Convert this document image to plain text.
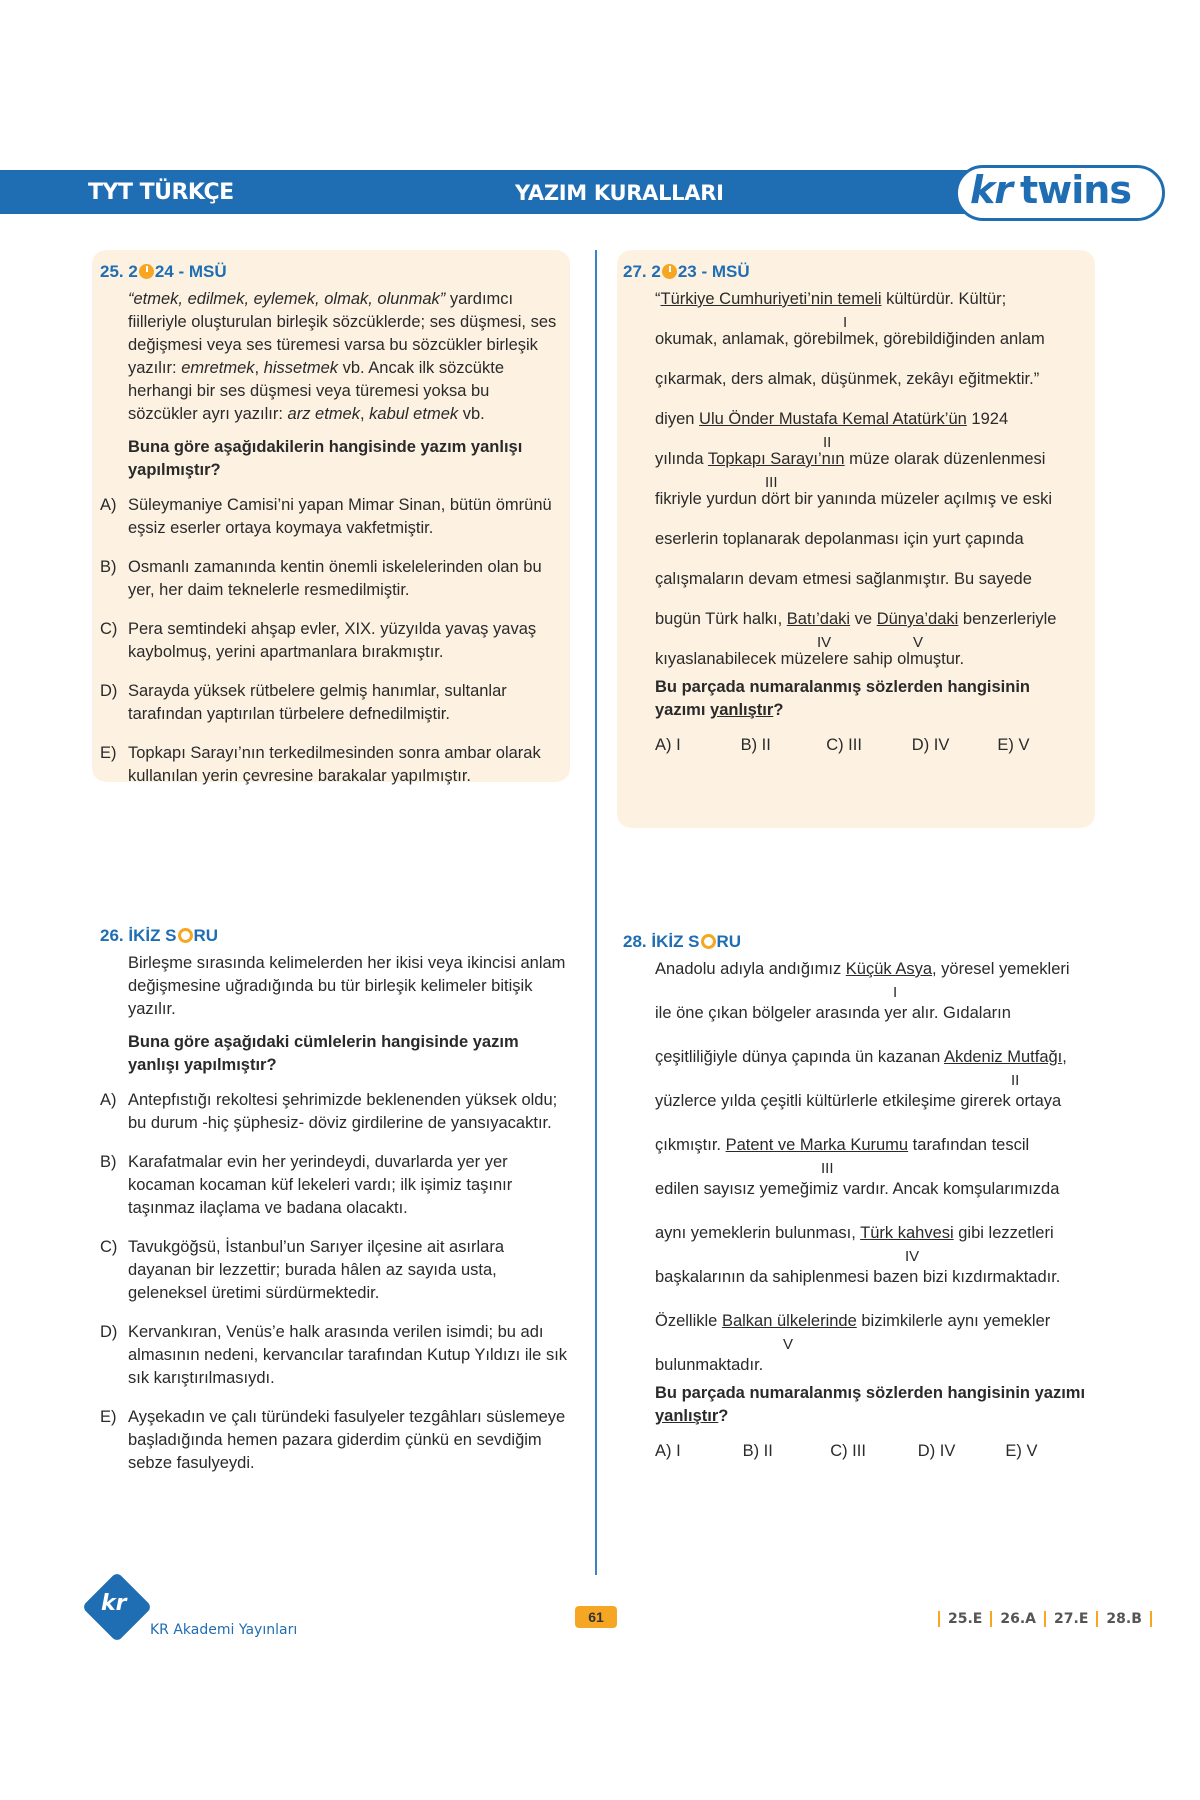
TYT TÜRKÇE	YAZIM KURALLARI	kr twins
25. 2 24 - MSÜ
“etmek, edilmek, eylemek, olmak, olunmak” yardımcı fiilleriyle oluşturulan birleşik sözcüklerde; ses düşmesi, ses değişmesi veya ses türemesi varsa bu sözcükler birleşik yazılır: emretmek, hissetmek vb. Ancak ilk sözcükte herhangi bir ses düşmesi veya türemesi yoksa bu sözcükler ayrı yazılır: arz etmek, kabul etmek vb.
Buna göre aşağıdakilerin hangisinde yazım yanlışı yapılmıştır?
A) Süleymaniye Camisi’ni yapan Mimar Sinan, bütün ömrünü eşsiz eserler ortaya koymaya vakfetmiştir.
B) Osmanlı zamanında kentin önemli iskelelerinden olan bu yer, her daim teknelerle resmedilmiştir.
C) Pera semtindeki ahşap evler, XIX. yüzyılda yavaş yavaş kaybolmuş, yerini apartmanlara bırakmıştır.
D) Sarayda yüksek rütbelere gelmiş hanımlar, sultanlar tarafından yaptırılan türbelere defnedilmiştir.
E) Topkapı Sarayı’nın terkedilmesinden sonra ambar olarak kullanılan yerin çevresine barakalar yapılmıştır.
27. 2 23 - MSÜ
“Türkiye Cumhuriyeti’nin temeli kültürdür. Kültür;
I
okumak, anlamak, görebilmek, görebildiğinden anlam
çıkarmak, ders almak, düşünmek, zekâyı eğitmektir.”
diyen Ulu Önder Mustafa Kemal Atatürk’ün 1924
II
yılında Topkapı Sarayı’nın müze olarak düzenlenmesi
III
fikriyle yurdun dört bir yanında müzeler açılmış ve eski
eserlerin toplanarak depolanması için yurt çapında
çalışmaların devam etmesi sağlanmıştır. Bu sayede
bugün Türk halkı, Batı’daki ve Dünya’daki benzerleriyle
IV	V
kıyaslanabilecek müzelere sahip olmuştur.
Bu parçada numaralanmış sözlerden hangisinin yazımı yanlıştır?
A) I	B) II	C) III	D) IV	E) V
26. İKİZ S RU
Birleşme sırasında kelimelerden her ikisi veya ikincisi anlam değişmesine uğradığında bu tür birleşik kelimeler bitişik yazılır.
Buna göre aşağıdaki cümlelerin hangisinde yazım yanlışı yapılmıştır?
A) Antepfıstığı rekoltesi şehrimizde beklenenden yüksek oldu; bu durum -hiç şüphesiz- döviz girdilerine de yansıyacaktır.
B) Karafatmalar evin her yerindeydi, duvarlarda yer yer kocaman kocaman küf lekeleri vardı; ilk işimiz taşınır taşınmaz ilaçlama ve badana olacaktı.
C) Tavukgöğsü, İstanbul’un Sarıyer ilçesine ait asırlara dayanan bir lezzettir; burada hâlen az sayıda usta, geleneksel üretimi sürdürmektedir.
D) Kervankıran, Venüs’e halk arasında verilen isimdi; bu adı almasının nedeni, kervancılar tarafından Kutup Yıldızı ile sık sık karıştırılmasıydı.
E) Ayşekadın ve çalı türündeki fasulyeler tezgâhları süslemeye başladığında hemen pazara giderdim çünkü en sevdiğim sebze fasulyeydi.
28. İKİZ S RU
Anadolu adıyla andığımız Küçük Asya, yöresel yemekleri
I
ile öne çıkan bölgeler arasında yer alır. Gıdaların
çeşitliliğiyle dünya çapında ün kazanan Akdeniz Mutfağı,
II
yüzlerce yılda çeşitli kültürlerle etkileşime girerek ortaya
çıkmıştır. Patent ve Marka Kurumu tarafından tescil
III
edilen sayısız yemeğimiz vardır. Ancak komşularımızda
aynı yemeklerin bulunması, Türk kahvesi gibi lezzetleri
IV
başkalarının da sahiplenmesi bazen bizi kızdırmaktadır.
Özellikle Balkan ülkelerinde bizimkilerle aynı yemekler
V
bulunmaktadır.
Bu parçada numaralanmış sözlerden hangisinin yazımı yanlıştır?
A) I	B) II	C) III	D) IV	E) V
kr
KR Akademi Yayınları
61	25.E	26.A	27.E	28.B
